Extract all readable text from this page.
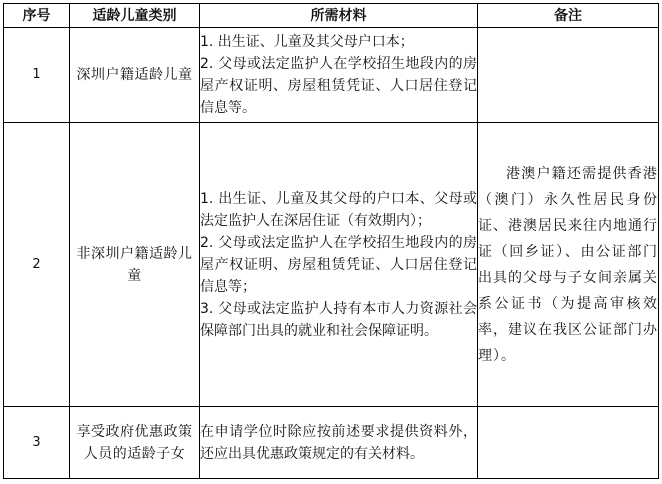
序号	适龄儿童类别	所需材料	备注
1	深圳户籍适龄儿童	1. 出生证、儿童及其父母户口本；
2. 父母或法定监护人在学校招生地段内的房屋产权证明、房屋租赁凭证、人口居住登记信息等。	

2	非深圳户籍适龄儿童	1. 出生证、儿童及其父母的户口本、父母或法定监护人在深居住证（有效期内）；
2. 父母或法定监护人在学校招生地段内的房屋产权证明、房屋租赁凭证、人口居住登记信息等；
3. 父母或法定监护人持有本市人力资源社会保障部门出具的就业和社会保障证明。	港澳户籍还需提供香港（澳门）永久性居民身份证、港澳居民来往内地通行证（回乡证）、由公证部门出具的父母与子女间亲属关系公证书（为提高审核效率，建议在我区公证部门办理）。

3	享受政府优惠政策人员的适龄子女	在申请学位时除应按前述要求提供资料外，还应出具优惠政策规定的有关材料。	
